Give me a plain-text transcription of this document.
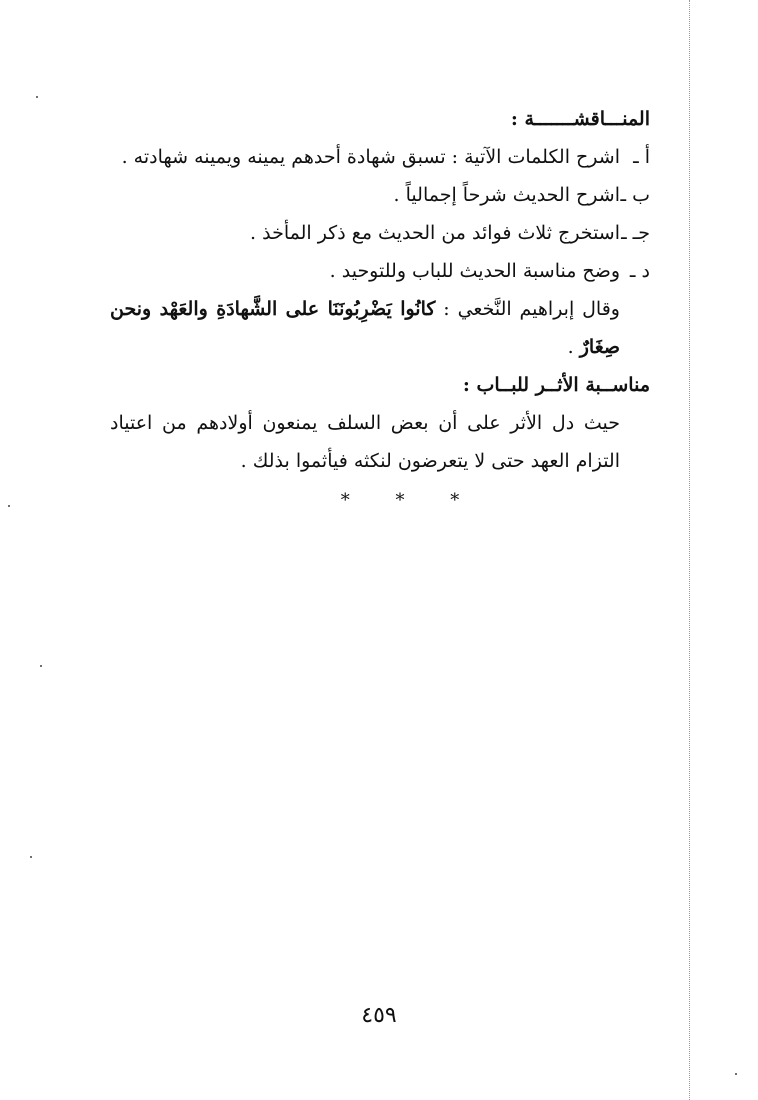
المنـــاقشـــــــة :
أ ـ
اشرح الكلمات الآتية : تسبق شهادة أحدهم يمينه ويمينه شهادته .
ب ـ
اشرح الحديث شرحاً إجمالياً .
جـ ـ
استخرج ثلاث فوائد من الحديث مع ذكر المأخذ .
د ـ
وضح مناسبة الحديث للباب وللتوحيد .
وقال إبراهيم النَّخعي : كانُوا يَضْرِبُونَنَا على الشَّهادَةِ والعَهْد ونحن صِغَارٌ .
مناســبة الأثــر للبــاب :
حيث دل الأثر على أن بعض السلف يمنعون أولادهم من اعتياد التزام العهد حتى لا يتعرضون لنكثه فيأثموا بذلك .
* * *
٤٥٩
